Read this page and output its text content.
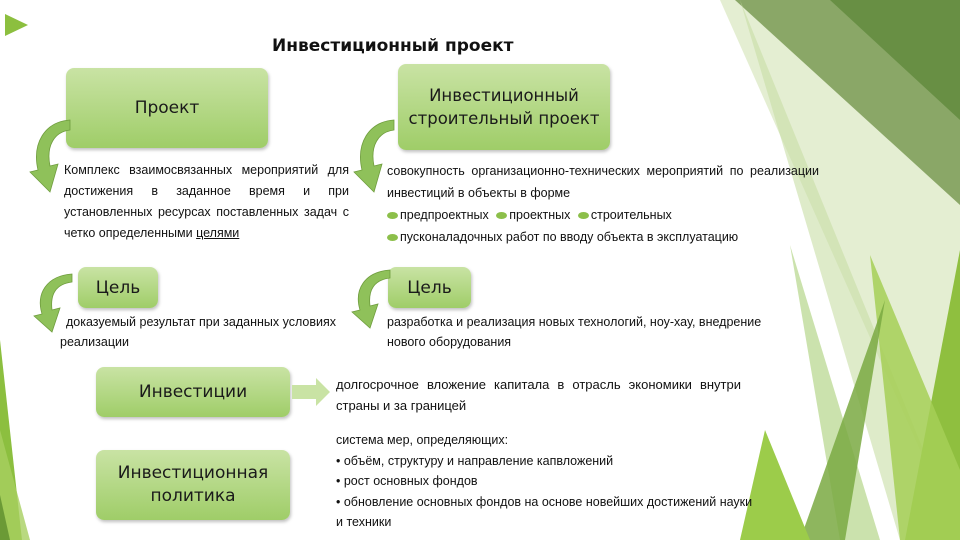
Инвестиционный проект
Проект
Комплекс взаимосвязанных мероприятий для достижения в заданное время и при установленных ресурсах поставленных задач с четко определенными целями
Цель
доказуемый результат при заданных условиях реализации
Инвестиционный строительный проект
совокупность организационно-технических мероприятий по реализации инвестиций в объекты в форме
предпроектных проектных строительных
пусконаладочных работ по вводу объекта в эксплуатацию
Цель
разработка и реализация новых технологий, ноу-хау, внедрение нового оборудования
Инвестиции	долгосрочное вложение капитала в отрасль экономики внутри страны и за границей
Инвестиционная политика
система мер, определяющих:
• объём, структуру и направление капвложений
• рост основных фондов
• обновление основных фондов на основе новейших достижений науки и техники
